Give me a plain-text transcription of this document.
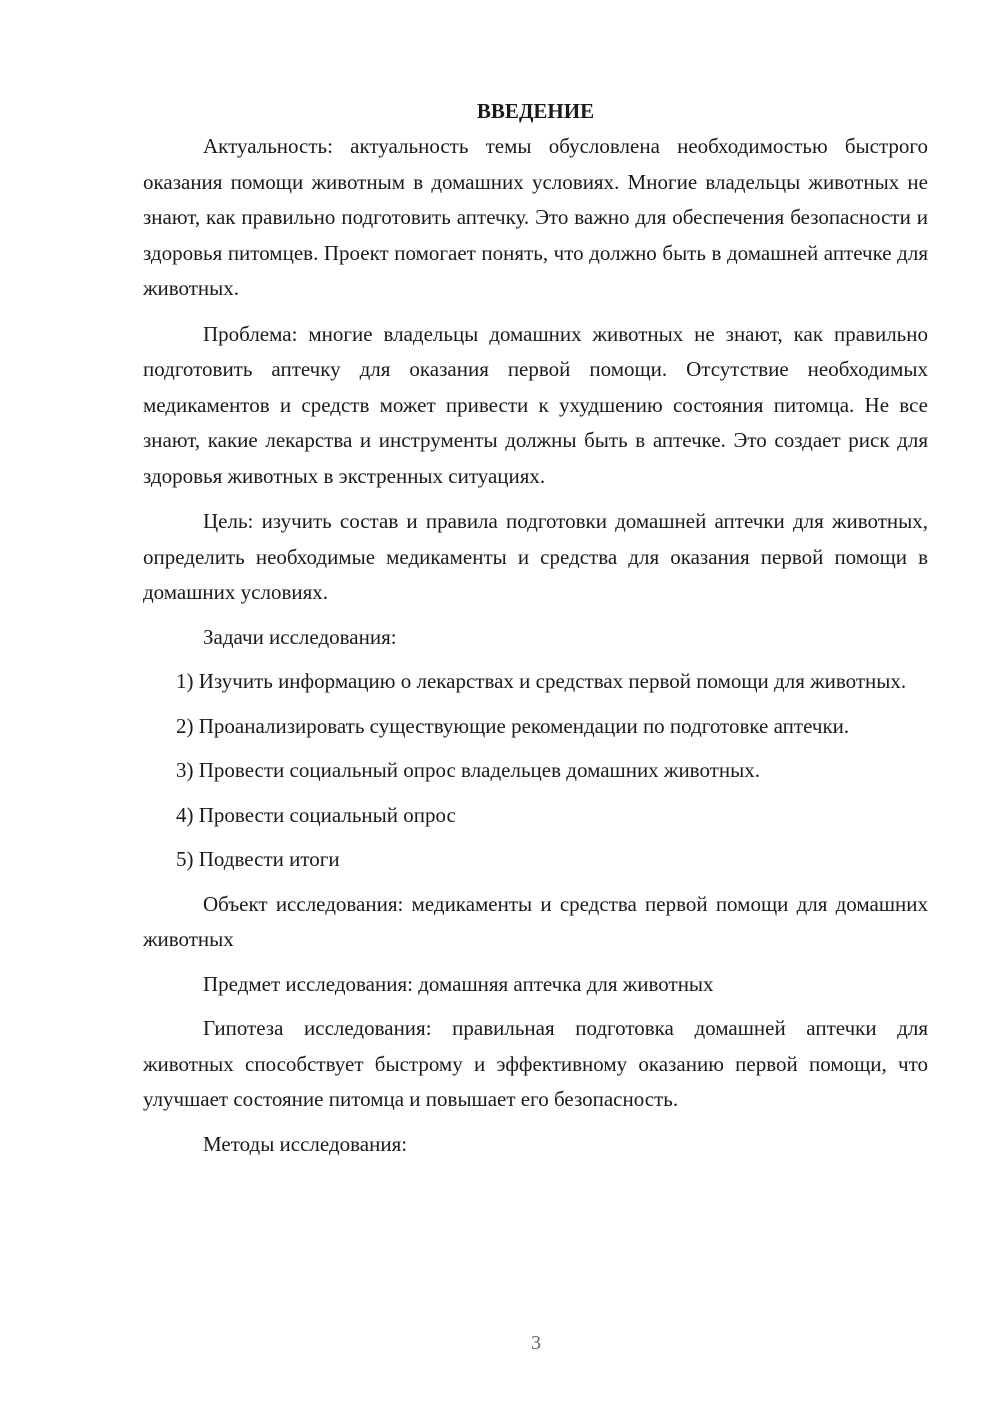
ВВЕДЕНИЕ

Актуальность: актуальность темы обусловлена необходимостью быстрого оказания помощи животным в домашних условиях. Многие владельцы животных не знают, как правильно подготовить аптечку. Это важно для обеспечения безопасности и здоровья питомцев. Проект помогает понять, что должно быть в домашней аптечке для животных.

Проблема: многие владельцы домашних животных не знают, как правильно подготовить аптечку для оказания первой помощи. Отсутствие необходимых медикаментов и средств может привести к ухудшению состояния питомца. Не все знают, какие лекарства и инструменты должны быть в аптечке. Это создает риск для здоровья животных в экстренных ситуациях.

Цель: изучить состав и правила подготовки домашней аптечки для животных, определить необходимые медикаменты и средства для оказания первой помощи в домашних условиях.

Задачи исследования:

1) Изучить информацию о лекарствах и средствах первой помощи для животных.

2) Проанализировать существующие рекомендации по подготовке аптечки.

3) Провести социальный опрос владельцев домашних животных.

4) Провести социальный опрос

5) Подвести итоги

Объект исследования: медикаменты и средства первой помощи для домашних животных

Предмет исследования: домашняя аптечка для животных

Гипотеза исследования: правильная подготовка домашней аптечки для животных способствует быстрому и эффективному оказанию первой помощи, что улучшает состояние питомца и повышает его безопасность.

Методы исследования:

3
